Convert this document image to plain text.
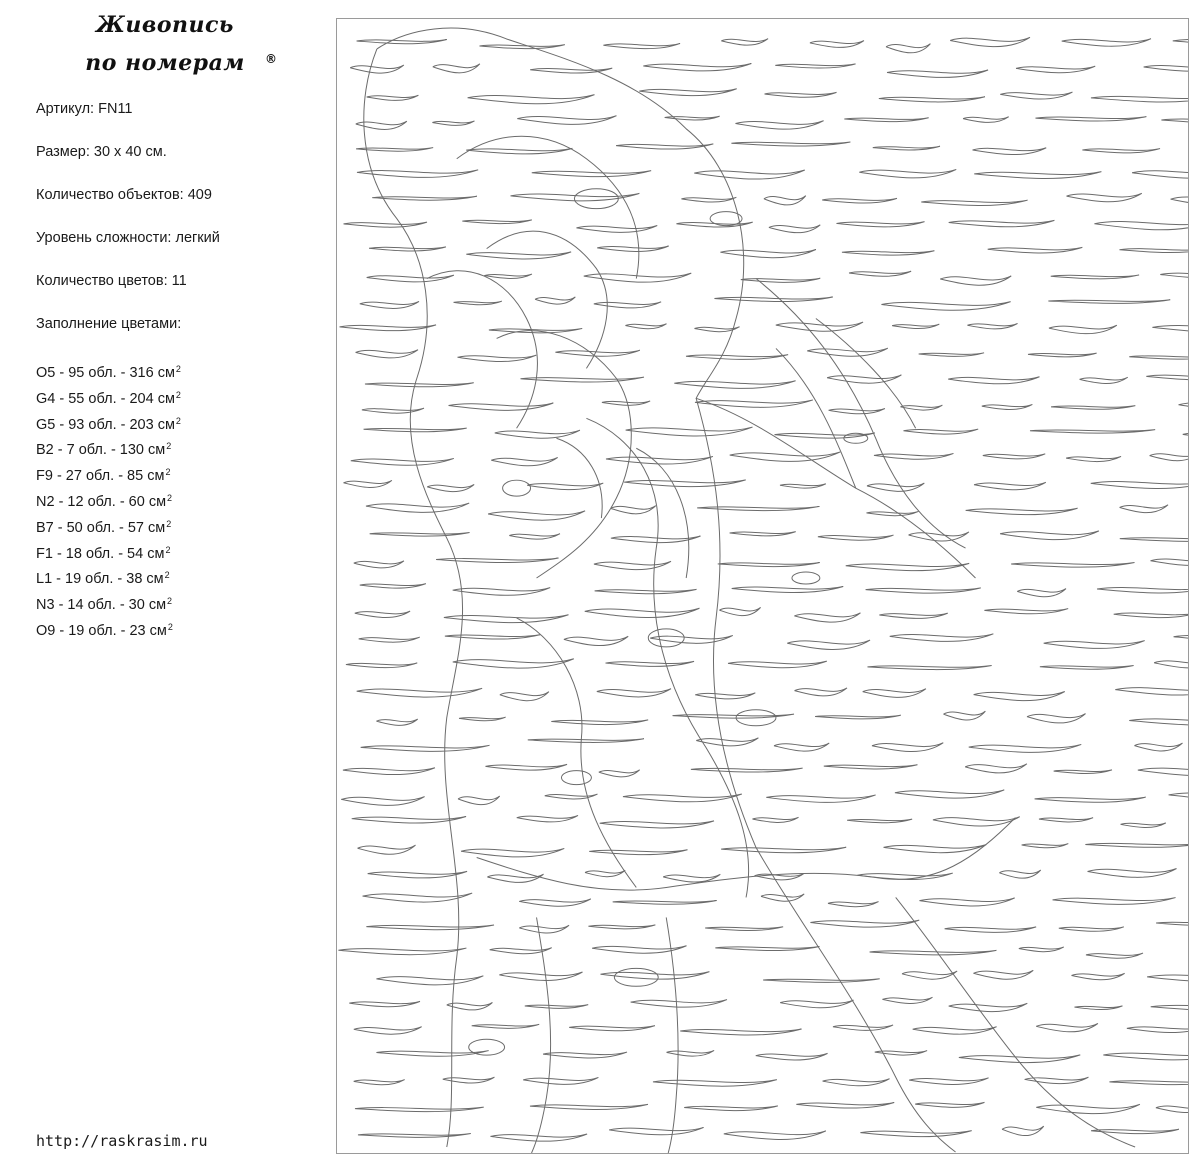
Живопись
по номерам	®
Артикул: FN11
Размер: 30 х 40 см.
Количество объектов: 409
Уровень сложности: легкий
Количество цветов: 11
Заполнение цветами:
O5 - 95 обл. - 316 $см^2$
G4 - 55 обл. - 204 $см^2$
G5 - 93 обл. - 203 $см^2$
B2 - 7 обл. - 130 $см^2$
F9 - 27 обл. - 85 $см^2$
N2 - 12 обл. - 60 $см^2$
B7 - 50 обл. - 57 $см^2$
F1 - 18 обл. - 54 $см^2$
L1 - 19 обл. - 38 $см^2$
N3 - 14 обл. - 30 $см^2$
O9 - 19 обл. - 23 $см^2$
http://raskrasim.ru
